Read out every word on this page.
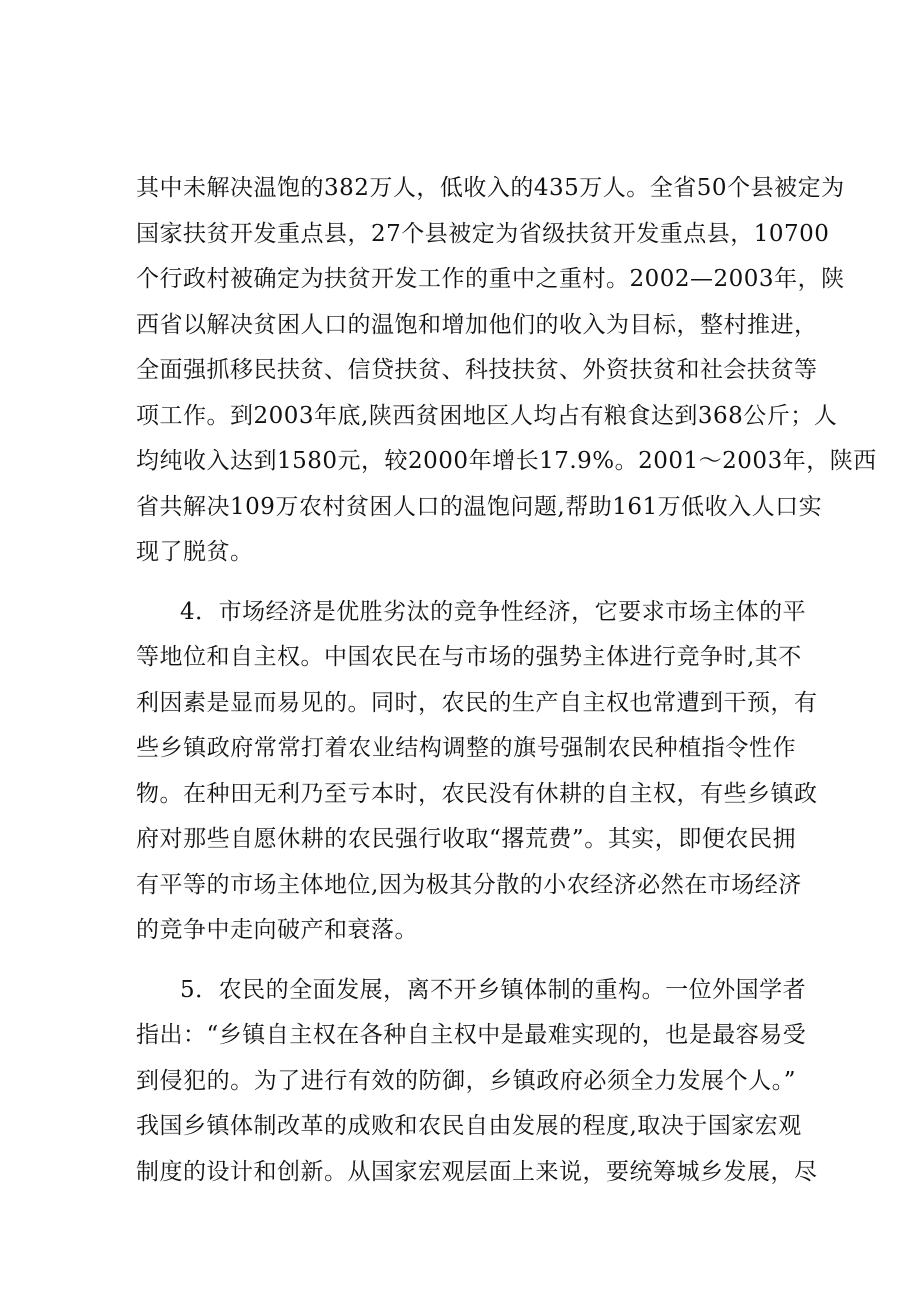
其中未解决温饱的382万人，低收入的435万人。全省50个县被定为
国家扶贫开发重点县，27个县被定为省级扶贫开发重点县，10700
个行政村被确定为扶贫开发工作的重中之重村。2002—2003年，陕
西省以解决贫困人口的温饱和增加他们的收入为目标，整村推进，
全面强抓移民扶贫、信贷扶贫、科技扶贫、外资扶贫和社会扶贫等
项工作。到2003年底,陕西贫困地区人均占有粮食达到368公斤；人
均纯收入达到1580元，较2000年增长17.9%。2001～2003年，陕西
省共解决109万农村贫困人口的温饱问题,帮助161万低收入人口实
现了脱贫。

4．市场经济是优胜劣汰的竞争性经济，它要求市场主体的平
等地位和自主权。中国农民在与市场的强势主体进行竞争时,其不
利因素是显而易见的。同时，农民的生产自主权也常遭到干预，有
些乡镇政府常常打着农业结构调整的旗号强制农民种植指令性作
物。在种田无利乃至亏本时，农民没有休耕的自主权，有些乡镇政
府对那些自愿休耕的农民强行收取“撂荒费”。其实，即便农民拥
有平等的市场主体地位,因为极其分散的小农经济必然在市场经济
的竞争中走向破产和衰落。

5．农民的全面发展，离不开乡镇体制的重构。一位外国学者
指出：“乡镇自主权在各种自主权中是最难实现的，也是最容易受
到侵犯的。为了进行有效的防御，乡镇政府必须全力发展个人。”
我国乡镇体制改革的成败和农民自由发展的程度,取决于国家宏观
制度的设计和创新。从国家宏观层面上来说，要统筹城乡发展，尽
